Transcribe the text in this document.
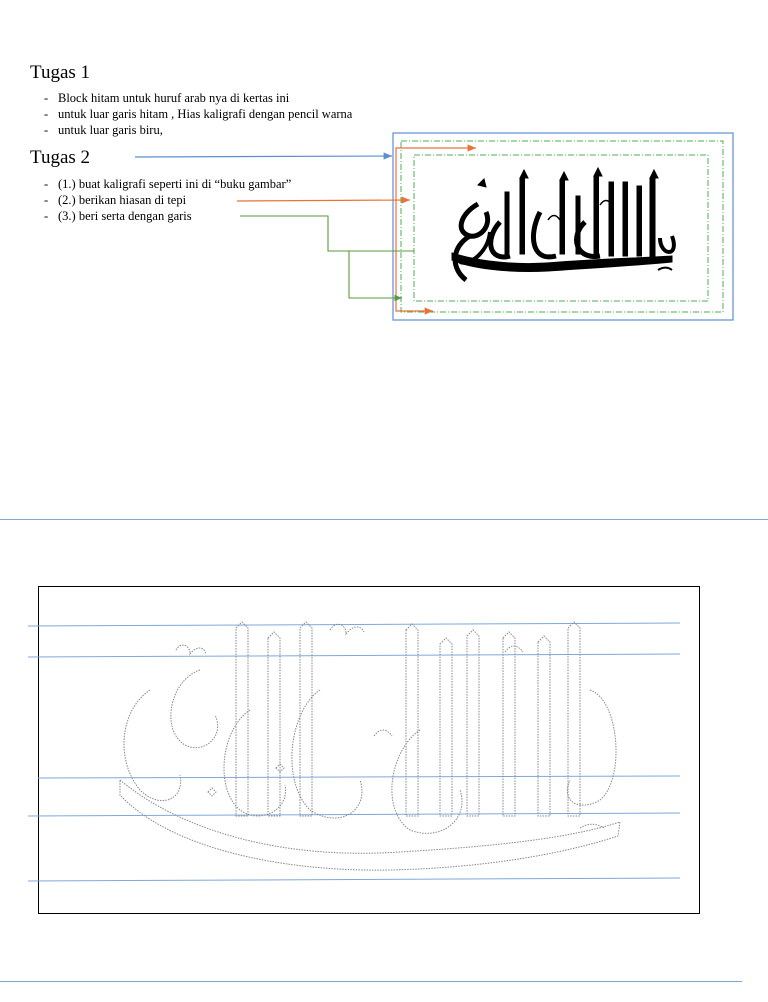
Tugas 1
- Block hitam untuk huruf arab nya di kertas ini
- untuk luar garis hitam , Hias kaligrafi dengan pencil warna
- untuk luar garis biru,
Tugas 2
- (1.) buat kaligrafi seperti ini di “buku gambar”
- (2.) berikan hiasan di tepi
- (3.) beri serta dengan garis
